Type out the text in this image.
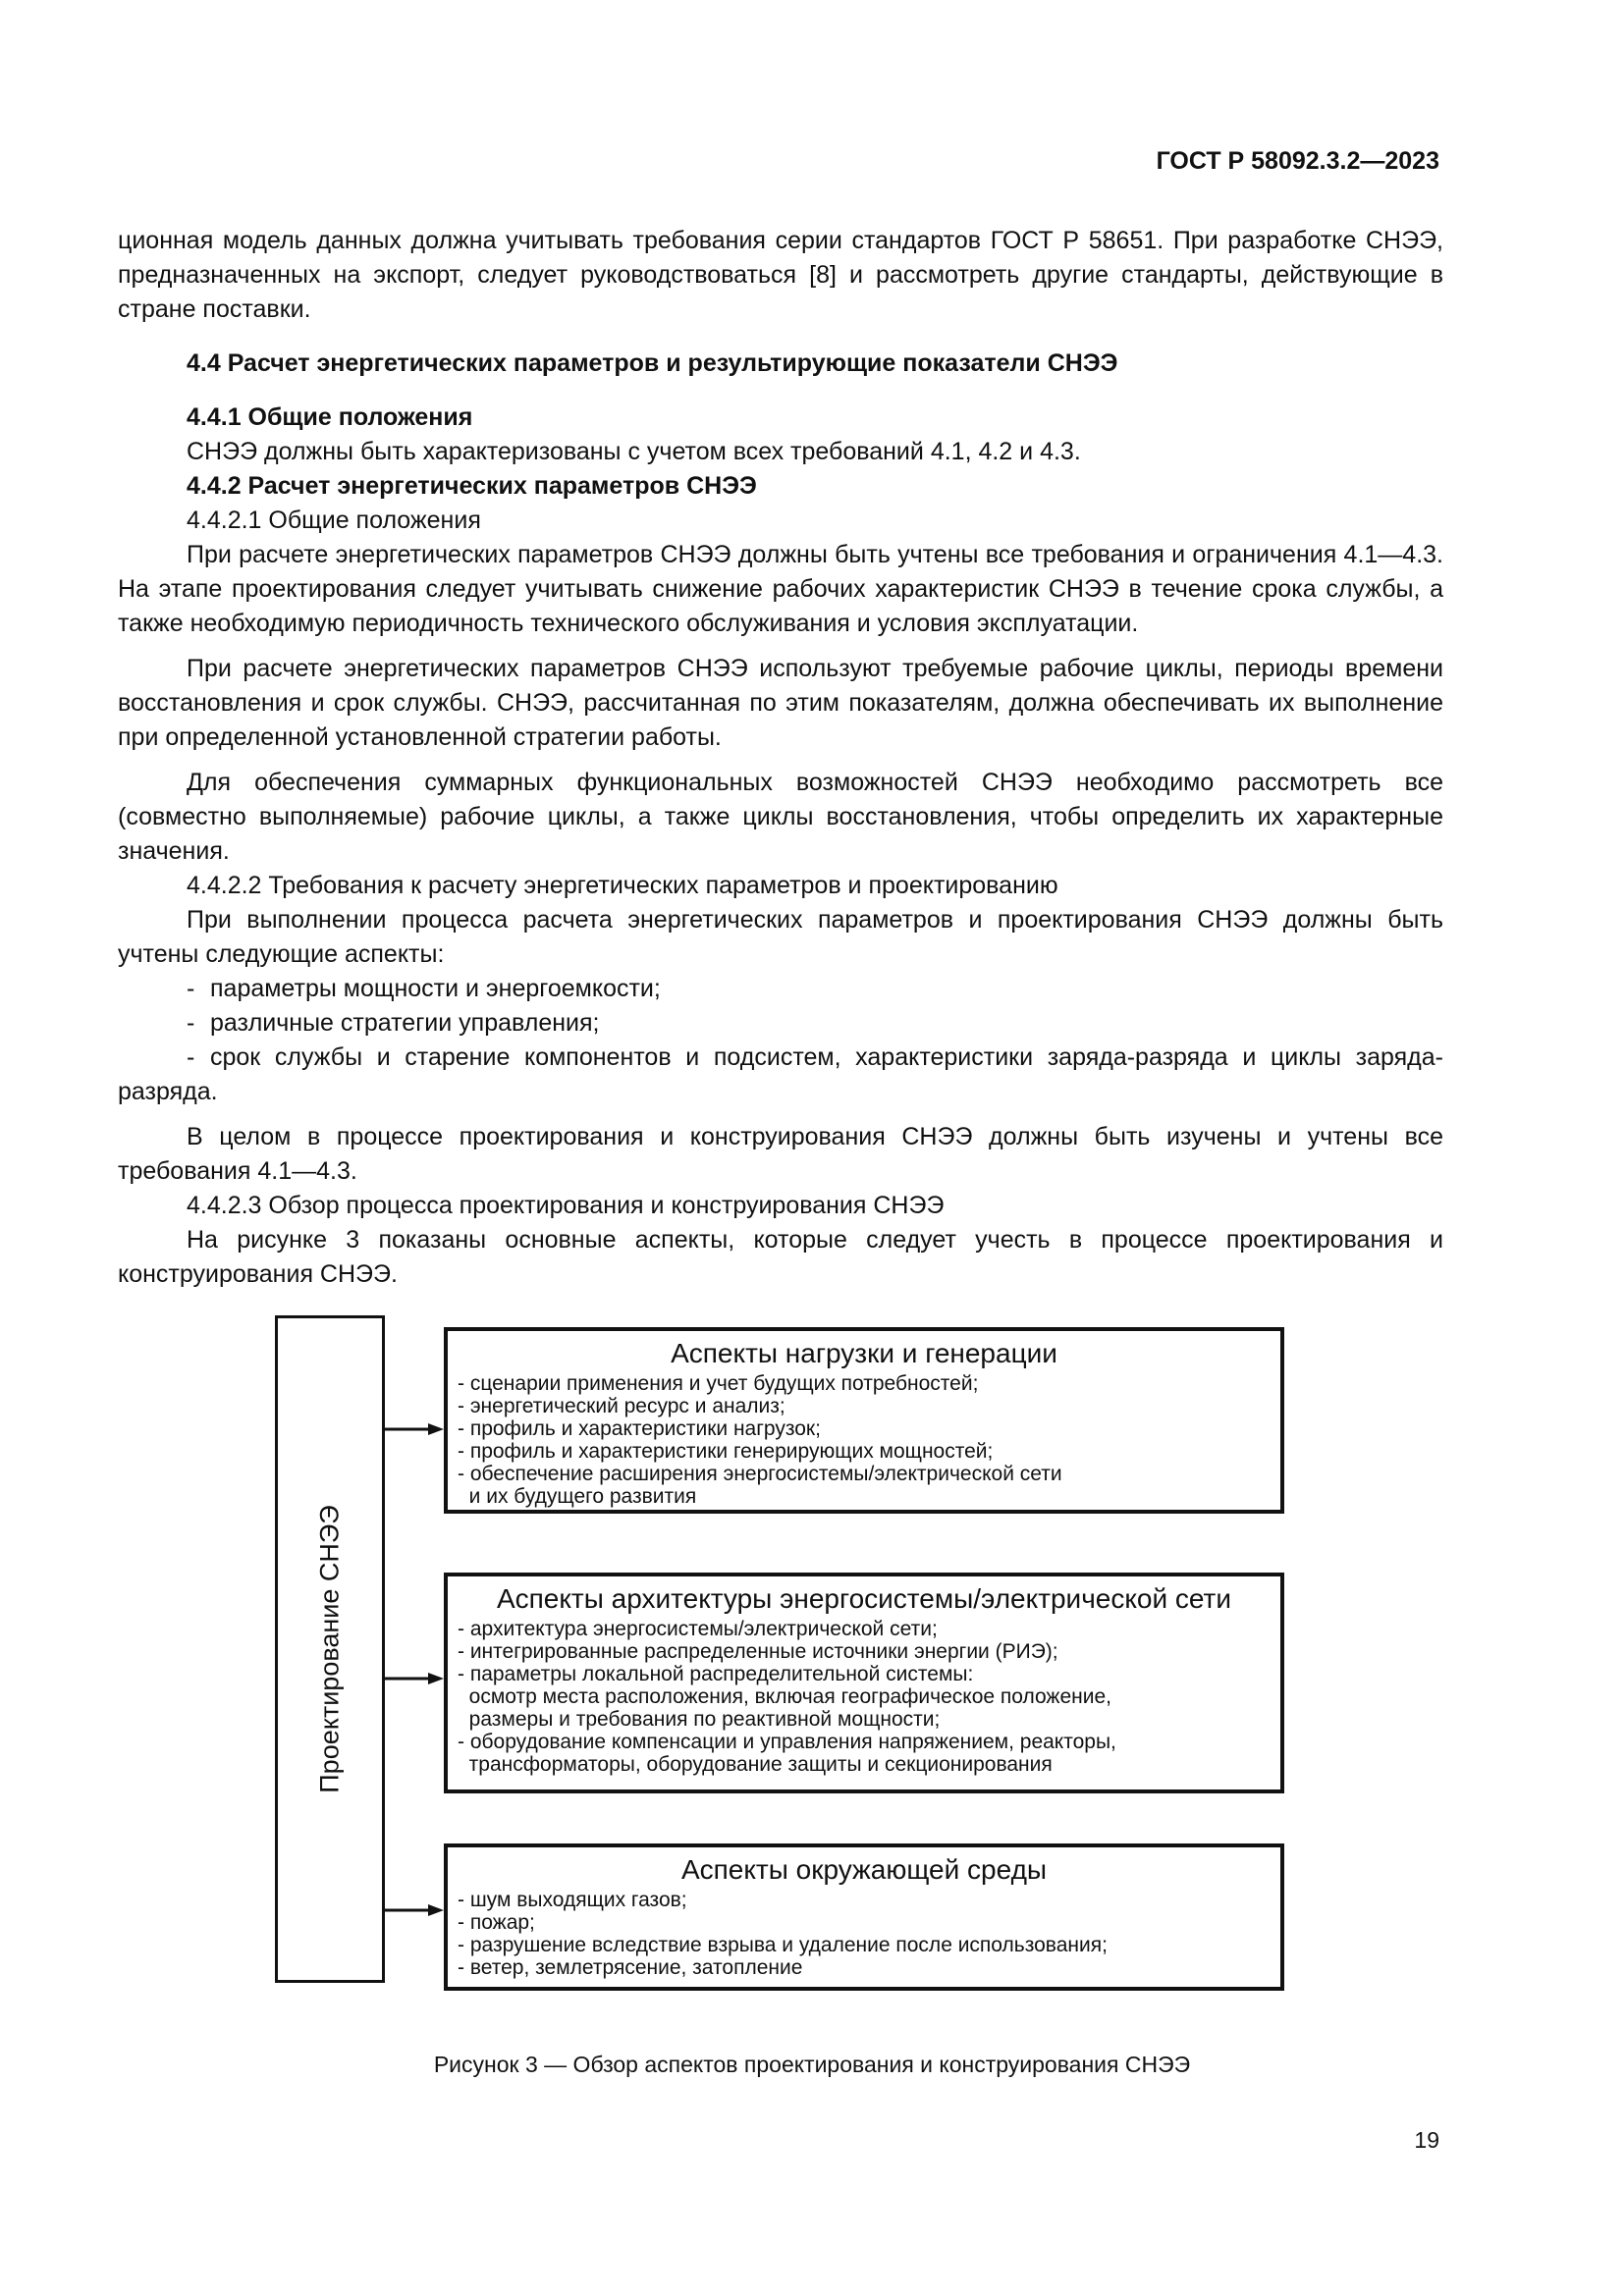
ГОСТ Р 58092.3.2—2023

ционная модель данных должна учитывать требования серии стандартов ГОСТ Р 58651. При разработке СНЭЭ, предназначенных на экспорт, следует руководствоваться [8] и рассмотреть другие стандарты, действующие в стране поставки.

4.4 Расчет энергетических параметров и результирующие показатели СНЭЭ

4.4.1 Общие положения

СНЭЭ должны быть характеризованы с учетом всех требований 4.1, 4.2 и 4.3.

4.4.2 Расчет энергетических параметров СНЭЭ

4.4.2.1 Общие положения

При расчете энергетических параметров СНЭЭ должны быть учтены все требования и ограничения 4.1—4.3. На этапе проектирования следует учитывать снижение рабочих характеристик СНЭЭ в течение срока службы, а также необходимую периодичность технического обслуживания и условия эксплуатации.

При расчете энергетических параметров СНЭЭ используют требуемые рабочие циклы, периоды времени восстановления и срок службы. СНЭЭ, рассчитанная по этим показателям, должна обеспечивать их выполнение при определенной установленной стратегии работы.

Для обеспечения суммарных функциональных возможностей СНЭЭ необходимо рассмотреть все (совместно выполняемые) рабочие циклы, а также циклы восстановления, чтобы определить их характерные значения.

4.4.2.2 Требования к расчету энергетических параметров и проектированию

При выполнении процесса расчета энергетических параметров и проектирования СНЭЭ должны быть учтены следующие аспекты:

- параметры мощности и энергоемкости;

- различные стратегии управления;

- срок службы и старение компонентов и подсистем, характеристики заряда-разряда и циклы заряда-разряда.

В целом в процессе проектирования и конструирования СНЭЭ должны быть изучены и учтены все требования 4.1—4.3.

4.4.2.3 Обзор процесса проектирования и конструирования СНЭЭ

На рисунке 3 показаны основные аспекты, которые следует учесть в процессе проектирования и конструирования СНЭЭ.

Проектирование СНЭЭ
Аспекты нагрузки и генерации
- сценарии применения и учет будущих потребностей;
- энергетический ресурс и анализ;
- профиль и характеристики нагрузок;
- профиль и характеристики генерирующих мощностей;
- обеспечение расширения энергосистемы/электрической сети
и их будущего развития
Аспекты архитектуры энергосистемы/электрической сети
- архитектура энергосистемы/электрической сети;
- интегрированные распределенные источники энергии (РИЭ);
- параметры локальной распределительной системы:
осмотр места расположения, включая географическое положение,
размеры и требования по реактивной мощности;
- оборудование компенсации и управления напряжением, реакторы,
трансформаторы, оборудование защиты и секционирования
Аспекты окружающей среды
- шум выходящих газов;
- пожар;
- разрушение вследствие взрыва и удаление после использования;
- ветер, землетрясение, затопление
Рисунок 3 — Обзор аспектов проектирования и конструирования СНЭЭ
19
